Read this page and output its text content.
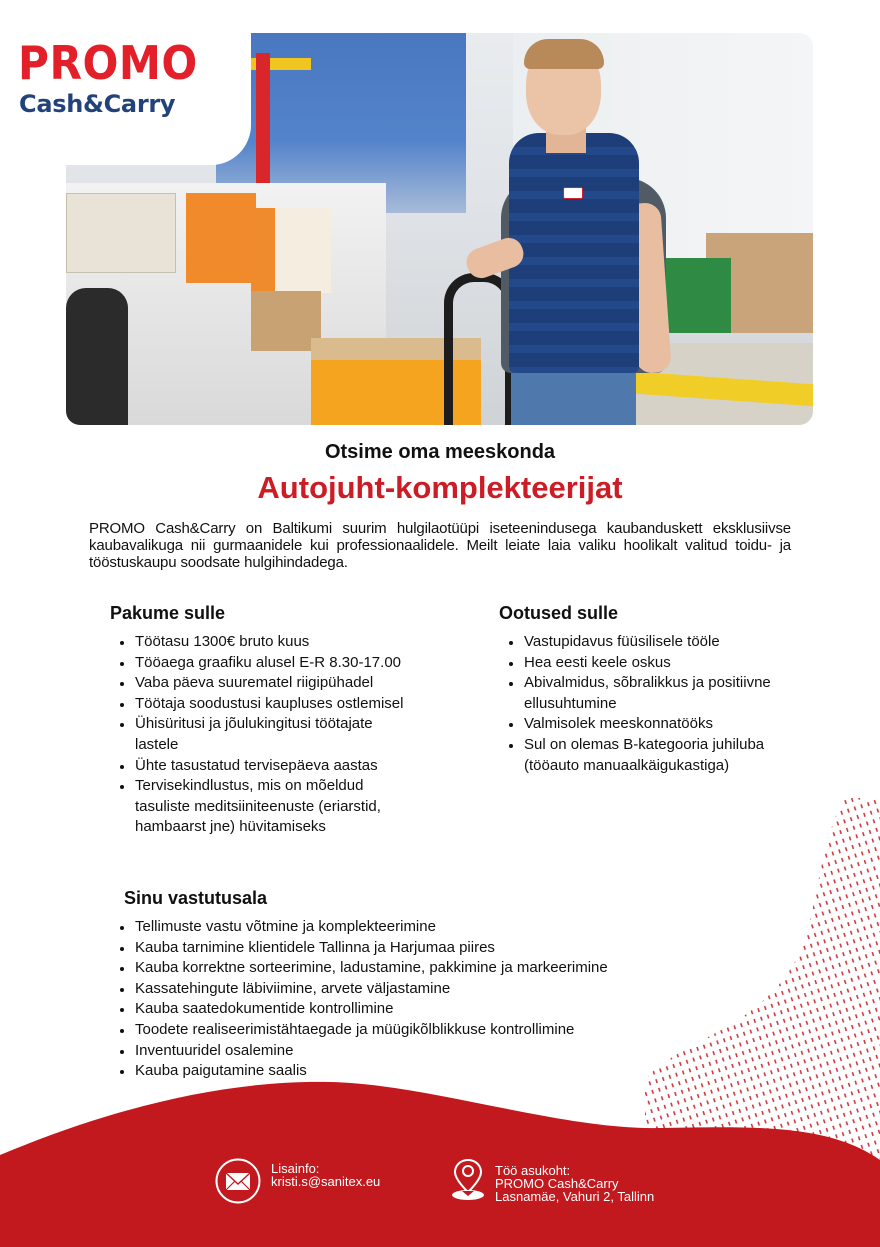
PROMO
Cash&Carry
Otsime oma meeskonda
Autojuht-komplekteerijat

PROMO Cash&Carry on Baltikumi suurim hulgilaotüüpi iseteenindusega kaubanduskett eksklusiivse kaubavalikuga nii gurmaanidele kui professionaalidele. Meilt leiate laia valiku hoolikalt valitud toidu- ja tööstuskaupu soodsate hulgihindadega.

Pakume sulle
Töötasu 1300€ bruto kuus
Tööaega graafiku alusel E-R 8.30-17.00
Vaba päeva suurematel riigipühadel
Töötaja soodustusi kaupluses ostlemisel
Ühisüritusi ja jõulukingitusi töötajate lastele
Ühte tasustatud tervisepäeva aastas
Tervisekindlustus, mis on mõeldud tasuliste meditsiiniteenuste (eriarstid, hambaarst jne) hüvitamiseks
Ootused sulle
Vastupidavus füüsilisele tööle
Hea eesti keele oskus
Abivalmidus, sõbralikkus ja positiivne ellusuhtumine
Valmisolek meeskonnatööks
Sul on olemas B-kategooria juhiluba (tööauto manuaalkäigukastiga)
Sinu vastutusala
Tellimuste vastu võtmine ja komplekteerimine
Kauba tarnimine klientidele Tallinna ja Harjumaa piires
Kauba korrektne sorteerimine, ladustamine, pakkimine ja markeerimine
Kassatehingute läbiviimine, arvete väljastamine
Kauba saatedokumentide kontrollimine
Toodete realiseerimistähtaegade ja müügikõlblikkuse kontrollimine
Inventuuridel osalemine
Kauba paigutamine saalis
Lisainfo:
kristi.s@sanitex.eu
Töö asukoht:
PROMO Cash&Carry
Lasnamäe, Vahuri 2, Tallinn
